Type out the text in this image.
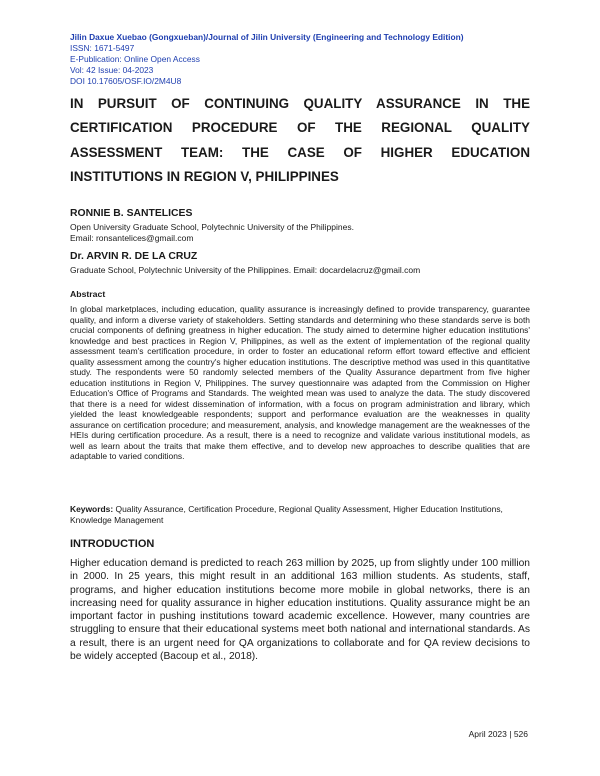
Jilin Daxue Xuebao (Gongxueban)/Journal of Jilin University (Engineering and Technology Edition)
ISSN: 1671-5497
E-Publication: Online Open Access
Vol: 42 Issue: 04-2023
DOI 10.17605/OSF.IO/2M4U8
IN PURSUIT OF CONTINUING QUALITY ASSURANCE IN THE
CERTIFICATION PROCEDURE OF THE REGIONAL QUALITY
ASSESSMENT TEAM: THE CASE OF HIGHER EDUCATION
INSTITUTIONS IN REGION V, PHILIPPINES
RONNIE B. SANTELICES
Open University Graduate School, Polytechnic University of the Philippines.
Email: ronsantelices@gmail.com
Dr. ARVIN R. DE LA CRUZ
Graduate School, Polytechnic University of the Philippines. Email: docardelacruz@gmail.com
Abstract

In global marketplaces, including education, quality assurance is increasingly defined to provide transparency, guarantee quality, and inform a diverse variety of stakeholders. Setting standards and determining who these standards serve is both crucial components of defining greatness in higher education. The study aimed to determine higher education institutions' knowledge and best practices in Region V, Philippines, as well as the extent of implementation of the regional quality assessment team's certification procedure, in order to foster an educational reform effort toward effective and efficient quality assessment among the country's higher education institutions. The descriptive method was used in this quantitative study. The respondents were 50 randomly selected members of the Quality Assurance department from five higher education institutions in Region V, Philippines. The survey questionnaire was adapted from the Commission on Higher Education's Office of Programs and Standards. The weighted mean was used to analyze the data. The study discovered that there is a need for widest dissemination of information, with a focus on program administration and library, which yielded the least knowledgeable respondents; support and performance evaluation are the weaknesses in quality assurance on certification procedure; and measurement, analysis, and knowledge management are the weaknesses of the HEIs during certification procedure. As a result, there is a need to recognize and validate various institutional models, as well as learn about the traits that make them effective, and to develop new approaches to describe qualities that are adaptable to varied conditions.

Keywords: Quality Assurance, Certification Procedure, Regional Quality Assessment, Higher Education Institutions, Knowledge Management

INTRODUCTION

Higher education demand is predicted to reach 263 million by 2025, up from slightly under 100 million in 2000. In 25 years, this might result in an additional 163 million students. As students, staff, programs, and higher education institutions become more mobile in global networks, there is an increasing need for quality assurance in higher education institutions. Quality assurance might be an important factor in pushing institutions toward academic excellence. However, many countries are struggling to ensure that their educational systems meet both national and international standards. As a result, there is an urgent need for QA organizations to collaborate and for QA review decisions to be widely accepted (Bacoup et al., 2018).

April 2023 | 526
